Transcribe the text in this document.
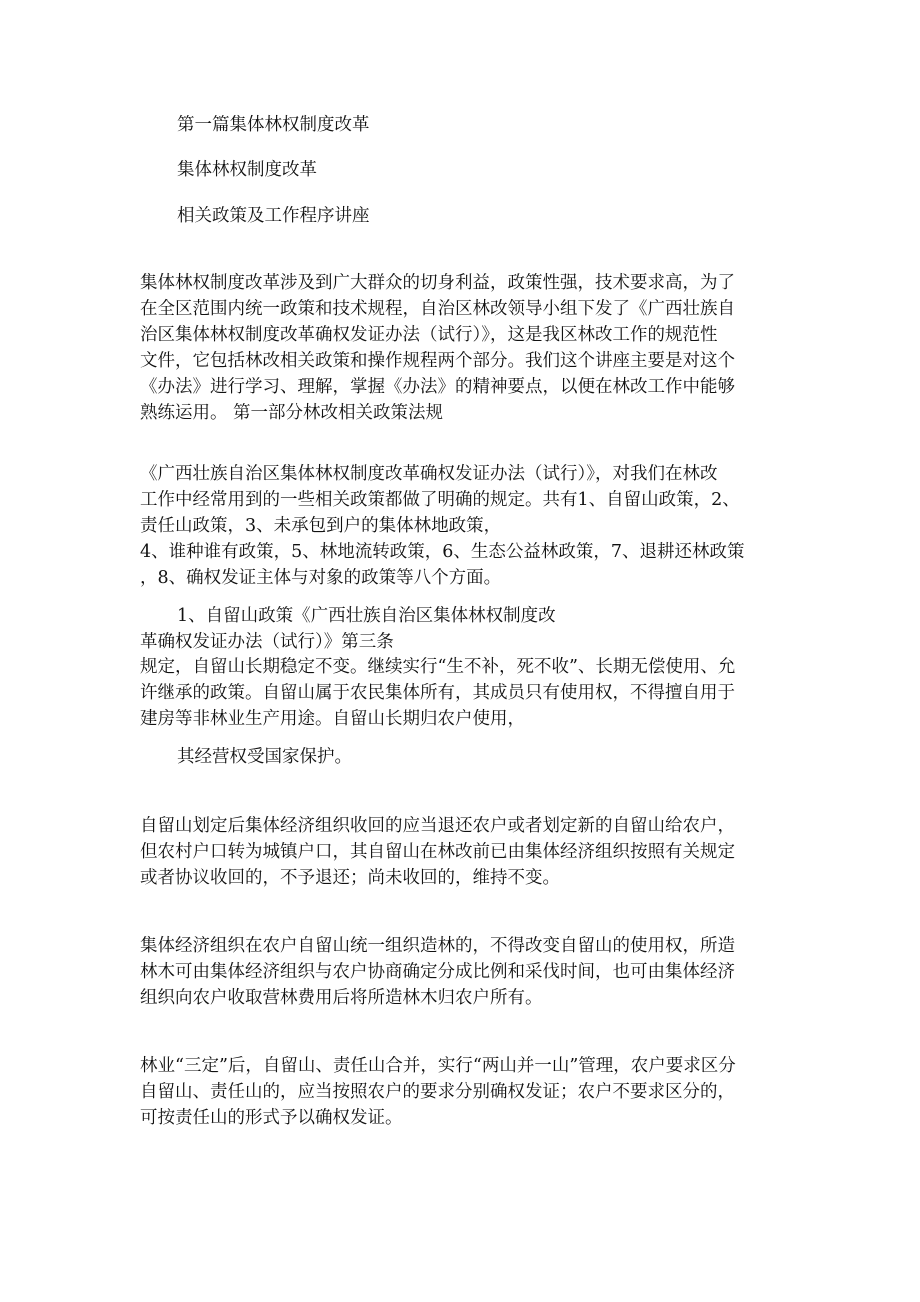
第一篇集体林权制度改革
集体林权制度改革
相关政策及工作程序讲座
集体林权制度改革涉及到广大群众的切身利益，政策性强，技术要求高，为了
在全区范围内统一政策和技术规程，自治区林改领导小组下发了《广西壮族自
治区集体林权制度改革确权发证办法（试行）》，这是我区林改工作的规范性
文件，它包括林改相关政策和操作规程两个部分。我们这个讲座主要是对这个
《办法》进行学习、理解，掌握《办法》的精神要点，以便在林改工作中能够
熟练运用。 第一部分林改相关政策法规
《广西壮族自治区集体林权制度改革确权发证办法（试行）》，对我们在林改
工作中经常用到的一些相关政策都做了明确的规定。共有1、自留山政策，2、
责任山政策，3、未承包到户的集体林地政策，
4、谁种谁有政策，5、林地流转政策，6、生态公益林政策，7、退耕还林政策
，8、确权发证主体与对象的政策等八个方面。
1、自留山政策《广西壮族自治区集体林权制度改
革确权发证办法（试行）》第三条
规定，自留山长期稳定不变。继续实行“生不补，死不收”、长期无偿使用、允
许继承的政策。自留山属于农民集体所有，其成员只有使用权，不得擅自用于
建房等非林业生产用途。自留山长期归农户使用，
其经营权受国家保护。
自留山划定后集体经济组织收回的应当退还农户或者划定新的自留山给农户，
但农村户口转为城镇户口，其自留山在林改前已由集体经济组织按照有关规定
或者协议收回的，不予退还；尚未收回的，维持不变。
集体经济组织在农户自留山统一组织造林的，不得改变自留山的使用权，所造
林木可由集体经济组织与农户协商确定分成比例和采伐时间，也可由集体经济
组织向农户收取营林费用后将所造林木归农户所有。
林业“三定”后，自留山、责任山合并，实行“两山并一山”管理，农户要求区分
自留山、责任山的，应当按照农户的要求分别确权发证；农户不要求区分的，
可按责任山的形式予以确权发证。
